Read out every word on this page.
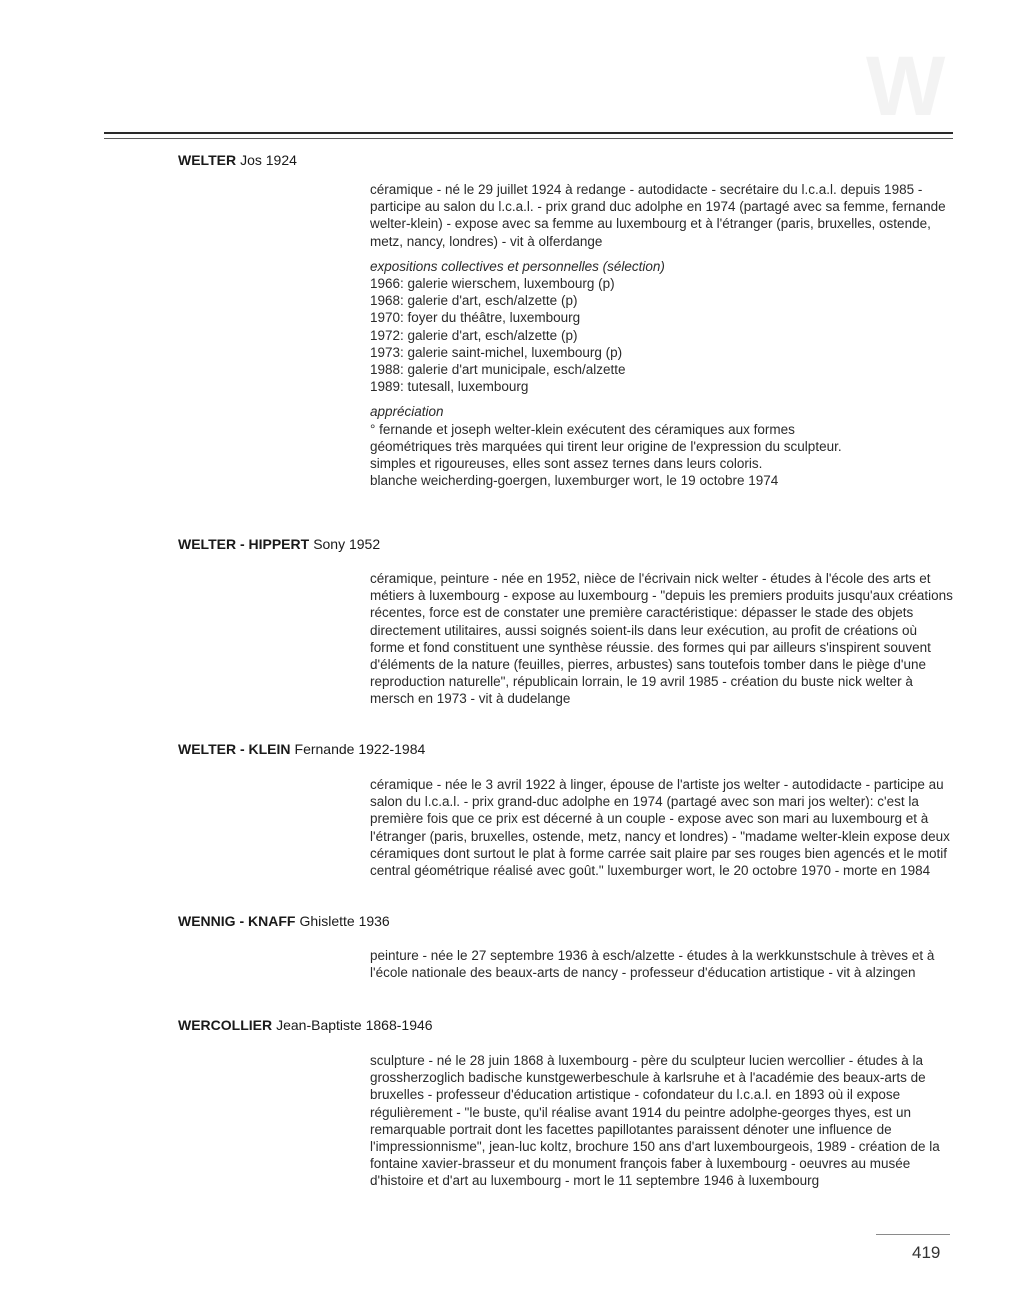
W
WELTER Jos 1924

céramique - né le 29 juillet 1924 à redange - autodidacte - secrétaire du l.c.a.l. depuis 1985 - participe au salon du l.c.a.l. - prix grand duc adolphe en 1974 (partagé avec sa femme, fernande welter-klein) - expose avec sa femme au luxembourg et à l'étranger (paris, bruxelles, ostende, metz, nancy, londres) - vit à olferdange

expositions collectives et personnelles (sélection)

1966: galerie wierschem, luxembourg (p)
1968: galerie d'art, esch/alzette (p)
1970: foyer du théâtre, luxembourg
1972: galerie d'art, esch/alzette (p)
1973: galerie saint-michel, luxembourg (p)
1988: galerie d'art municipale, esch/alzette
1989: tutesall, luxembourg

appréciation

° fernande et joseph welter-klein exécutent des céramiques aux formes
géométriques très marquées qui tirent leur origine de l'expression du sculpteur.
simples et rigoureuses, elles sont assez ternes dans leurs coloris.
blanche weicherding-goergen, luxemburger wort, le 19 octobre 1974
WELTER - HIPPERT Sony 1952

céramique, peinture - née en 1952, nièce de l'écrivain nick welter - études à l'école des arts et métiers à luxembourg - expose au luxembourg - "depuis les premiers produits jusqu'aux créations récentes, force est de constater une première caractéristique: dépasser le stade des objets directement utilitaires, aussi soignés soient-ils dans leur exécution, au profit de créations où forme et fond constituent une synthèse réussie. des formes qui par ailleurs s'inspirent souvent d'éléments de la nature (feuilles, pierres, arbustes) sans toutefois tomber dans le piège d'une reproduction naturelle", républicain lorrain, le 19 avril 1985 - création du buste nick welter à mersch en 1973 - vit à dudelange

WELTER - KLEIN Fernande 1922-1984

céramique - née le 3 avril 1922 à linger, épouse de l'artiste jos welter - autodidacte - participe au salon du l.c.a.l. - prix grand-duc adolphe en 1974 (partagé avec son mari jos welter): c'est la première fois que ce prix est décerné à un couple - expose avec son mari au luxembourg et à l'étranger (paris, bruxelles, ostende, metz, nancy et londres) - "madame welter-klein expose deux céramiques dont surtout le plat à forme carrée sait plaire par ses rouges bien agencés et le motif central géométrique réalisé avec goût." luxemburger wort, le 20 octobre 1970 - morte en 1984

WENNIG - KNAFF Ghislette 1936

peinture - née le 27 septembre 1936 à esch/alzette - études à la werkkunstschule à trèves et à l'école nationale des beaux-arts de nancy - professeur d'éducation artistique - vit à alzingen

WERCOLLIER Jean-Baptiste 1868-1946

sculpture - né le 28 juin 1868 à luxembourg - père du sculpteur lucien wercollier - études à la grossherzoglich badische kunstgewerbeschule à karlsruhe et à l'académie des beaux-arts de bruxelles - professeur d'éducation artistique - cofondateur du l.c.a.l. en 1893 où il expose régulièrement - "le buste, qu'il réalise avant 1914 du peintre adolphe-georges thyes, est un remarquable portrait dont les facettes papillotantes paraissent dénoter une influence de l'impressionnisme", jean-luc koltz, brochure 150 ans d'art luxembourgeois, 1989 - création de la fontaine xavier-brasseur et du monument françois faber à luxembourg - oeuvres au musée d'histoire et d'art au luxembourg - mort le 11 septembre 1946 à luxembourg

419
